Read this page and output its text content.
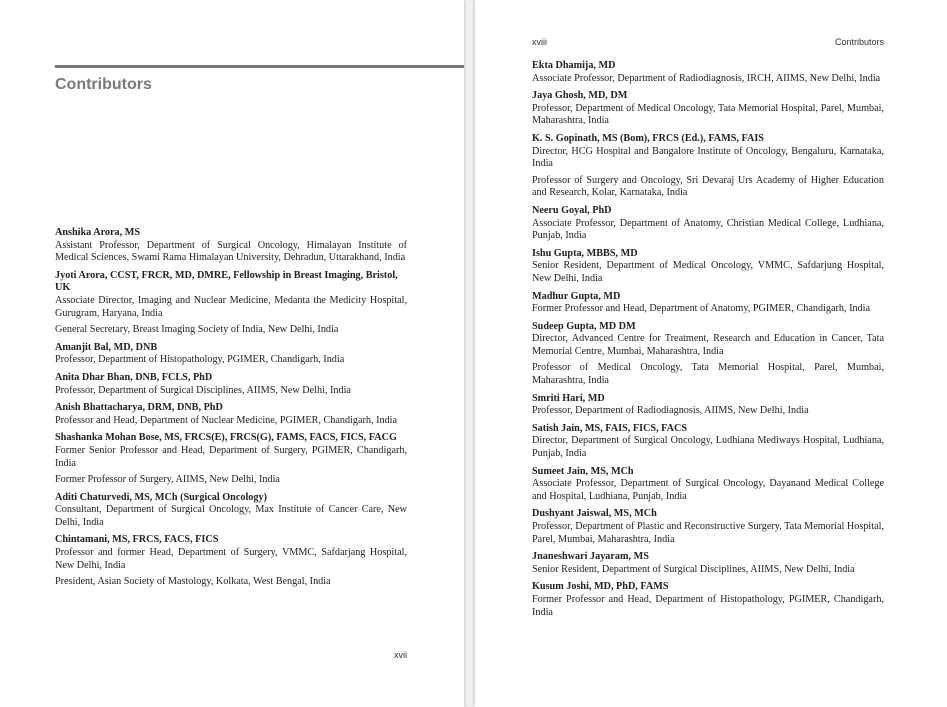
Contributors
Anshika Arora, MS
Assistant Professor, Department of Surgical Oncology, Himalayan Institute of Medical Sciences, Swami Rama Himalayan University, Dehradun, Uttarakhand, India
Jyoti Arora, CCST, FRCR, MD, DMRE, Fellowship in Breast Imaging, Bristol, UK
Associate Director, Imaging and Nuclear Medicine, Medanta the Medicity Hospital, Gurugram, Haryana, India
General Secretary, Breast Imaging Society of India, New Delhi, India
Amanjit Bal, MD, DNB
Professor, Department of Histopathology, PGIMER, Chandigarh, India
Anita Dhar Bhan, DNB, FCLS, PhD
Professor, Department of Surgical Disciplines, AIIMS, New Delhi, India
Anish Bhattacharya, DRM, DNB, PhD
Professor and Head, Department of Nuclear Medicine, PGIMER, Chandigarh, India
Shashanka Mohan Bose, MS, FRCS(E), FRCS(G), FAMS, FACS, FICS, FACG
Former Senior Professor and Head, Department of Surgery, PGIMER, Chandigarh, India
Former Professor of Surgery, AIIMS, New Delhi, India
Aditi Chaturvedi, MS, MCh (Surgical Oncology)
Consultant, Department of Surgical Oncology, Max Institute of Cancer Care, New Delhi, India
Chintamani, MS, FRCS, FACS, FICS
Professor and former Head, Department of Surgery, VMMC, Safdarjang Hospital, New Delhi, India
President, Asian Society of Mastology, Kolkata, West Bengal, India
xvii
xviii	Contributors
Ekta Dhamija, MD
Associate Professor, Department of Radiodiagnosis, IRCH, AIIMS, New Delhi, India
Jaya Ghosh, MD, DM
Professor, Department of Medical Oncology, Tata Memorial Hospital, Parel, Mumbai, Maharashtra, India
K. S. Gopinath, MS (Bom), FRCS (Ed.), FAMS, FAIS
Director, HCG Hospital and Bangalore Institute of Oncology, Bengaluru, Karnataka, India
Professor of Surgery and Oncology, Sri Devaraj Urs Academy of Higher Education and Research, Kolar, Karnataka, India
Neeru Goyal, PhD
Associate Professor, Department of Anatomy, Christian Medical College, Ludhiana, Punjab, India
Ishu Gupta, MBBS, MD
Senior Resident, Department of Medical Oncology, VMMC, Safdarjung Hospital, New Delhi, India
Madhur Gupta, MD
Former Professor and Head, Department of Anatomy, PGIMER, Chandigarh, India
Sudeep Gupta, MD DM
Director, Advanced Centre for Treatment, Research and Education in Cancer, Tata Memorial Centre, Mumbai, Maharashtra, India
Professor of Medical Oncology, Tata Memorial Hospital, Parel, Mumbai, Maharashtra, India
Smriti Hari, MD
Professor, Department of Radiodiagnosis, AIIMS, New Delhi, India
Satish Jain, MS, FAIS, FICS, FACS
Director, Department of Surgical Oncology, Ludhiana Mediways Hospital, Ludhiana, Punjab, India
Sumeet Jain, MS, MCh
Associate Professor, Department of Surgical Oncology, Dayanand Medical College and Hospital, Ludhiana, Punjab, India
Dushyant Jaiswal, MS, MCh
Professor, Department of Plastic and Reconstructive Surgery, Tata Memorial Hospital, Parel, Mumbai, Maharashtra, India
Jnaneshwari Jayaram, MS
Senior Resident, Department of Surgical Disciplines, AIIMS, New Delhi, India
Kusum Joshi, MD, PhD, FAMS
Former Professor and Head, Department of Histopathology, PGIMER, Chandigarh, India
